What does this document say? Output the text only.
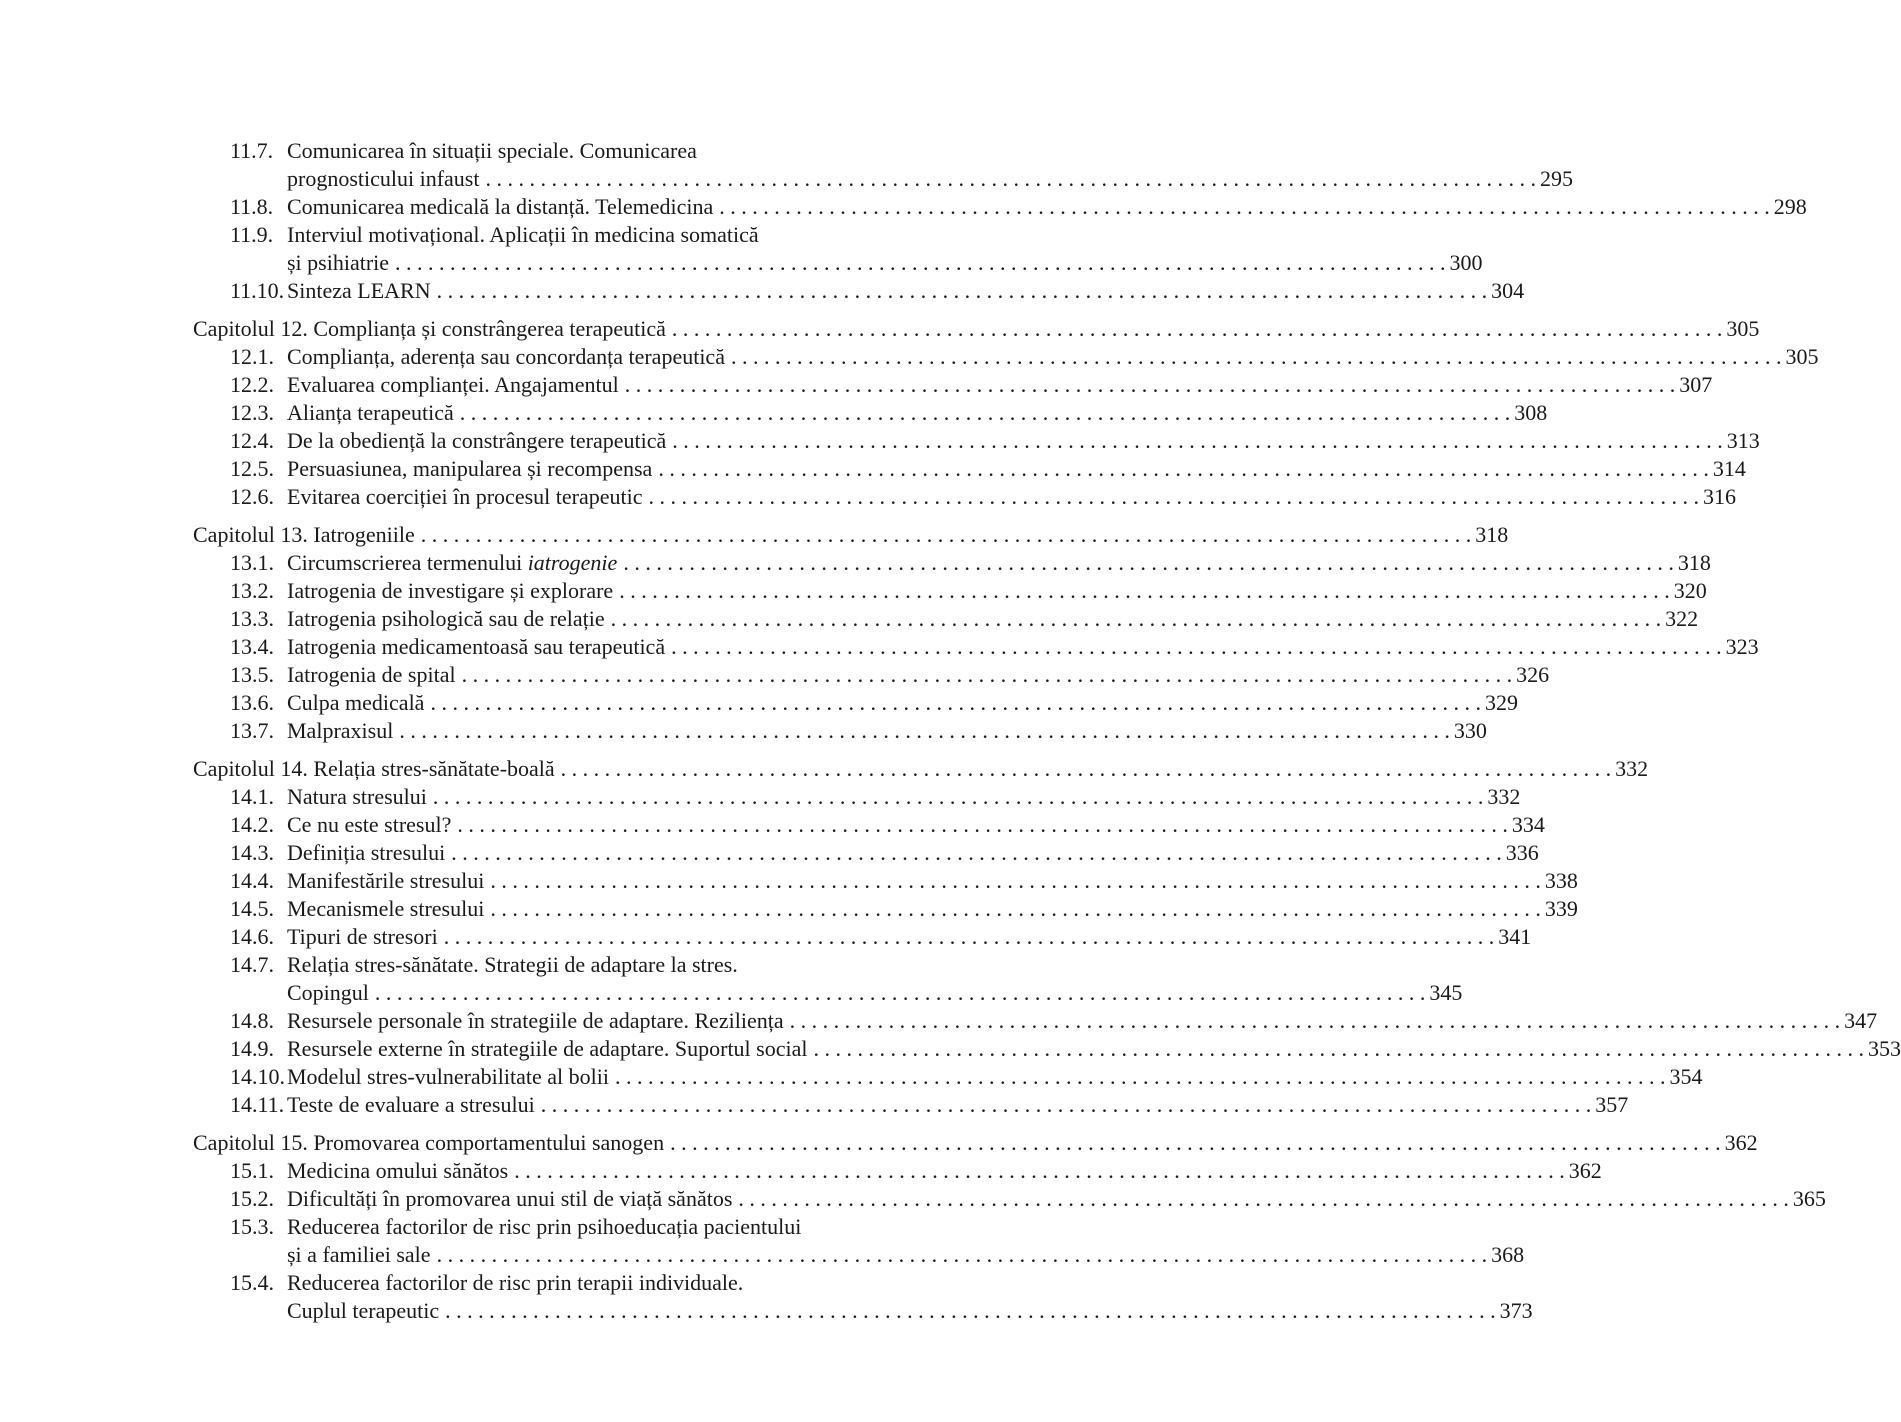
11.7. Comunicarea în situații speciale. Comunicarea
prognosticului infaust . . .	295
11.8. Comunicarea medicală la distanță. Telemedicina . . .	298
11.9. Interviul motivațional. Aplicații în medicina somatică
și psihiatrie . . .	300
11.10. Sinteza LEARN . . .	304
Capitolul 12. Complianța și constrângerea terapeutică . . .	305
12.1. Complianța, aderența sau concordanța terapeutică . . .	305
12.2. Evaluarea complianței. Angajamentul . . .	307
12.3. Alianța terapeutică . . .	308
12.4. De la obediență la constrângere terapeutică . . .	313
12.5. Persuasiunea, manipularea și recompensa . . .	314
12.6. Evitarea coerciției în procesul terapeutic . . .	316
Capitolul 13. Iatrogeniile . . .	318
13.1. Circumscrierea termenului iatrogenie . . .	318
13.2. Iatrogenia de investigare și explorare . . .	320
13.3. Iatrogenia psihologică sau de relație . . .	322
13.4. Iatrogenia medicamentoasă sau terapeutică . . .	323
13.5. Iatrogenia de spital . . .	326
13.6. Culpa medicală . . .	329
13.7. Malpraxisul . . .	330
Capitolul 14. Relația stres-sănătate-boală . . .	332
14.1. Natura stresului . . .	332
14.2. Ce nu este stresul? . . .	334
14.3. Definiția stresului . . .	336
14.4. Manifestările stresului . . .	338
14.5. Mecanismele stresului . . .	339
14.6. Tipuri de stresori . . .	341
14.7. Relația stres-sănătate. Strategii de adaptare la stres.
Copingul . . .	345
14.8. Resursele personale în strategiile de adaptare. Reziliența . . .	347
14.9. Resursele externe în strategiile de adaptare. Suportul social . . .	353
14.10. Modelul stres-vulnerabilitate al bolii . . .	354
14.11. Teste de evaluare a stresului . . .	357
Capitolul 15. Promovarea comportamentului sanogen . . .	362
15.1. Medicina omului sănătos . . .	362
15.2. Dificultăți în promovarea unui stil de viață sănătos . . .	365
15.3. Reducerea factorilor de risc prin psihoeducația pacientului
și a familiei sale . . .	368
15.4. Reducerea factorilor de risc prin terapii individuale.
Cuplul terapeutic . . .	373
